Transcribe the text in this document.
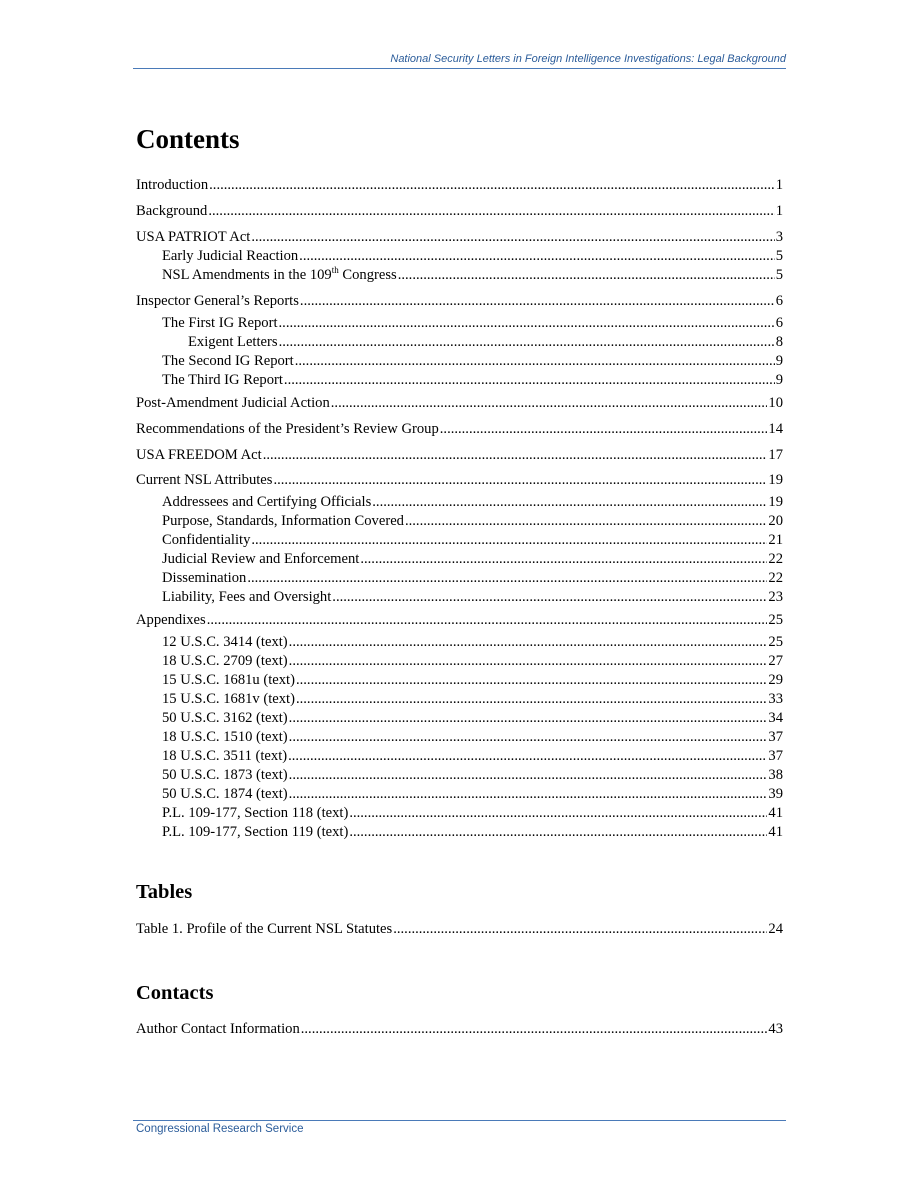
National Security Letters in Foreign Intelligence Investigations: Legal Background
Contents
Introduction .....	1
Background .....	1
USA PATRIOT Act .....	3
Early Judicial Reaction .....	5
NSL Amendments in the 109th Congress .....	5
Inspector General’s Reports .....	6
The First IG Report .....	6
Exigent Letters .....	8
The Second IG Report .....	9
The Third IG Report .....	9
Post-Amendment Judicial Action .....	10
Recommendations of the President’s Review Group .....	14
USA FREEDOM Act .....	17
Current NSL Attributes .....	19
Addressees and Certifying Officials .....	19
Purpose, Standards, Information Covered .....	20
Confidentiality .....	21
Judicial Review and Enforcement .....	22
Dissemination .....	22
Liability, Fees and Oversight .....	23
Appendixes .....	25
12 U.S.C. 3414 (text) .....	25
18 U.S.C. 2709 (text) .....	27
15 U.S.C. 1681u (text) .....	29
15 U.S.C. 1681v (text) .....	33
50 U.S.C. 3162 (text) .....	34
18 U.S.C. 1510 (text) .....	37
18 U.S.C. 3511 (text) .....	37
50 U.S.C. 1873 (text) .....	38
50 U.S.C. 1874 (text) .....	39
P.L. 109-177, Section 118 (text) .....	41
P.L. 109-177, Section 119 (text) .....	41
Tables
Table 1. Profile of the Current NSL Statutes .....	24
Contacts
Author Contact Information .....	43
Congressional Research Service
